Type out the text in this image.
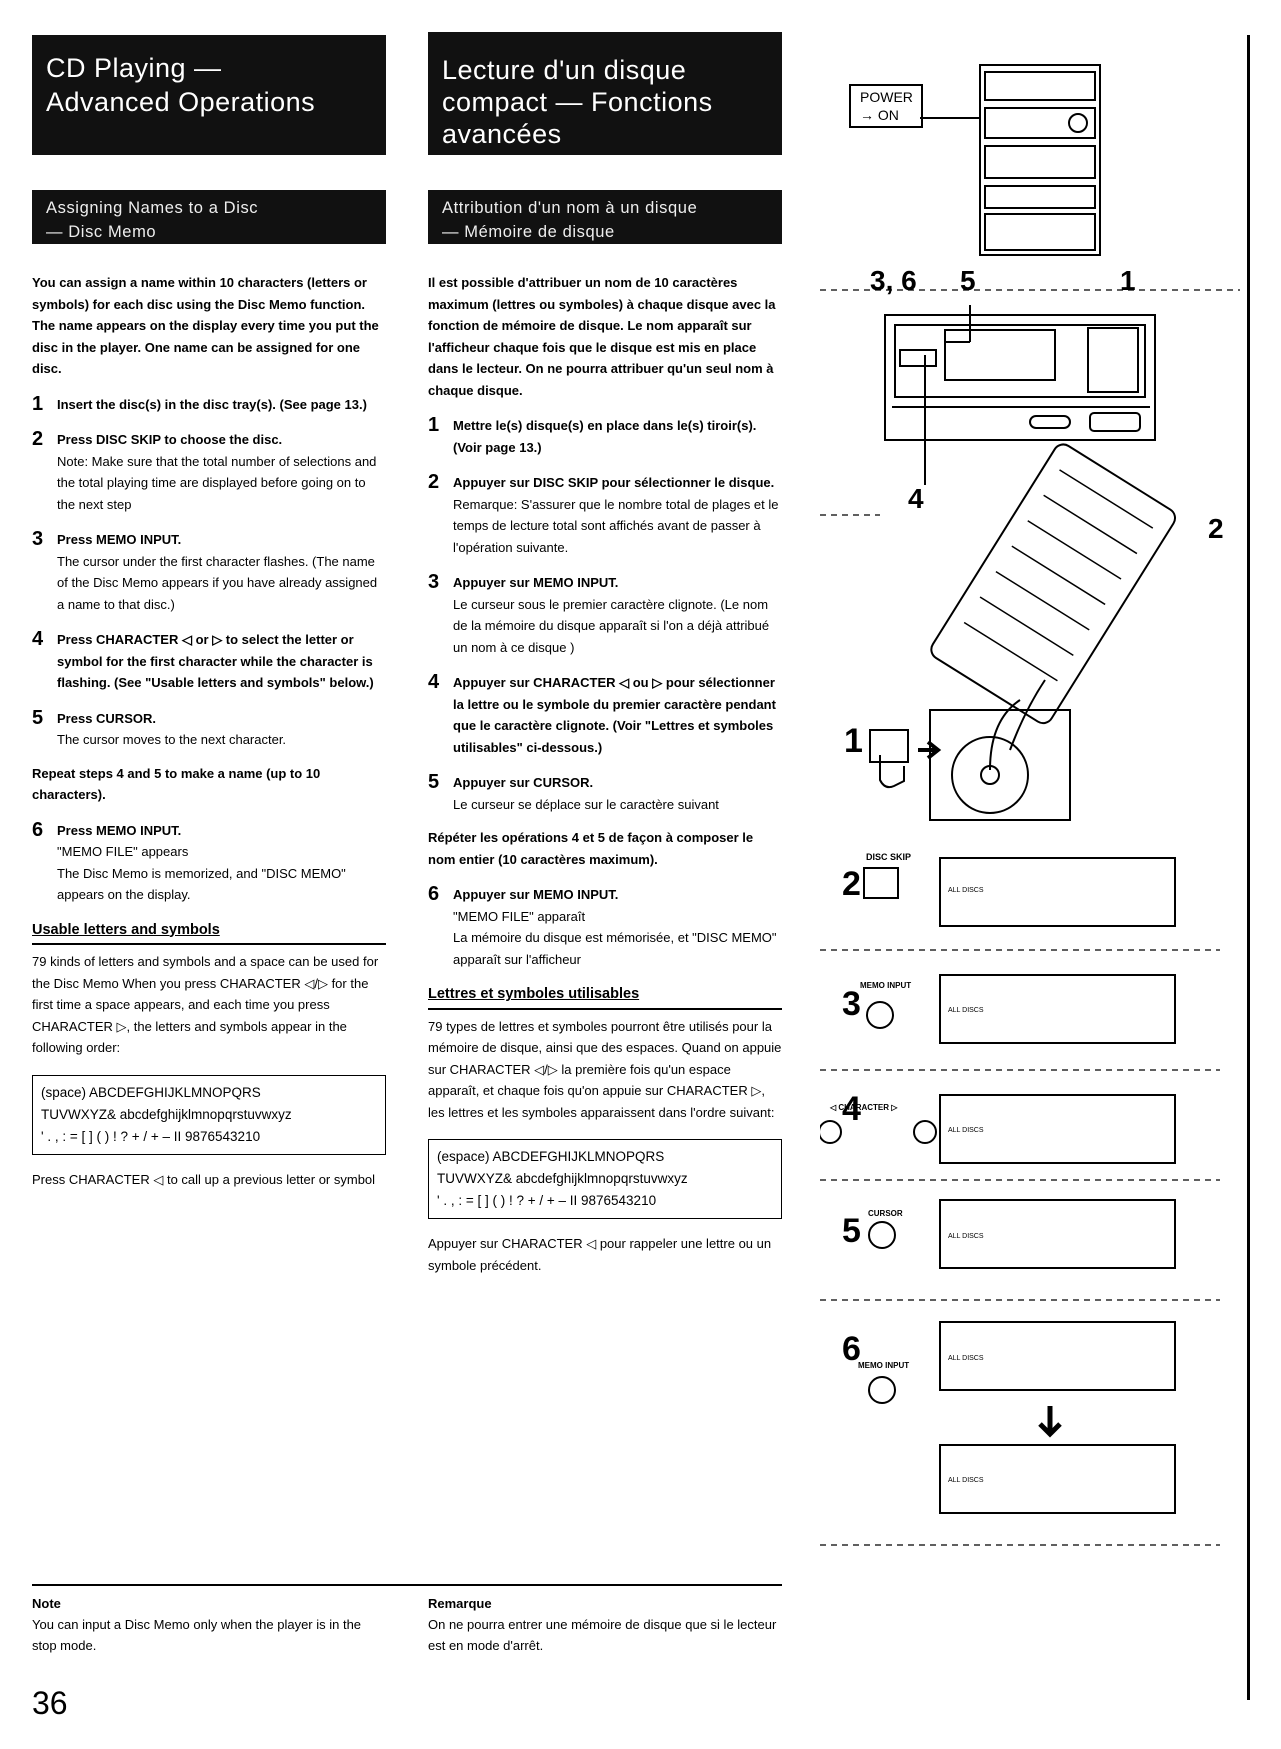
CD Playing —
Advanced Operations
Assigning Names to a Disc
— Disc Memo
You can assign a name within 10 characters (letters or symbols) for each disc using the Disc Memo function. The name appears on the display every time you put the disc in the player. One name can be assigned for one disc.
1	Insert the disc(s) in the disc tray(s). (See page 13.)
2	Press DISC SKIP to choose the disc.
Note: Make sure that the total number of selections and the total playing time are displayed before going on to the next step
3	Press MEMO INPUT.
The cursor under the first character flashes. (The name of the Disc Memo appears if you have already assigned a name to that disc.)
4	Press CHARACTER ◁ or ▷ to select the letter or symbol for the first character while the character is flashing. (See "Usable letters and symbols" below.)
5	Press CURSOR.
The cursor moves to the next character.
Repeat steps 4 and 5 to make a name (up to 10 characters).
6	Press MEMO INPUT.
"MEMO FILE" appears
The Disc Memo is memorized, and "DISC MEMO" appears on the display.
Usable letters and symbols
79 kinds of letters and symbols and a space can be used for the Disc Memo When you press CHARACTER ◁/▷ for the first time a space appears, and each time you press CHARACTER ▷, the letters and symbols appear in the following order:
(space) ABCDEFGHIJKLMNOPQRS
TUVWXYZ& abcdefghijklmnopqrstuvwxyz
' . , : = [ ] ( ) ! ? + / + – II 9876543210
Press CHARACTER ◁ to call up a previous letter or symbol
Lecture d'un disque
compact — Fonctions
avancées
Attribution d'un nom à un disque
— Mémoire de disque
Il est possible d'attribuer un nom de 10 caractères maximum (lettres ou symboles) à chaque disque avec la fonction de mémoire de disque. Le nom apparaît sur l'afficheur chaque fois que le disque est mis en place dans le lecteur. On ne pourra attribuer qu'un seul nom à chaque disque.
1	Mettre le(s) disque(s) en place dans le(s) tiroir(s). (Voir page 13.)
2	Appuyer sur DISC SKIP pour sélectionner le disque.
Remarque: S'assurer que le nombre total de plages et le temps de lecture total sont affichés avant de passer à l'opération suivante.
3	Appuyer sur MEMO INPUT.
Le curseur sous le premier caractère clignote. (Le nom de la mémoire du disque apparaît si l'on a déjà attribué un nom à ce disque )
4	Appuyer sur CHARACTER ◁ ou ▷ pour sélectionner la lettre ou le symbole du premier caractère pendant que le caractère clignote. (Voir "Lettres et symboles utilisables" ci-dessous.)
5	Appuyer sur CURSOR.
Le curseur se déplace sur le caractère suivant
Répéter les opérations 4 et 5 de façon à composer le nom entier (10 caractères maximum).
6	Appuyer sur MEMO INPUT.
"MEMO FILE" apparaît
La mémoire du disque est mémorisée, et "DISC MEMO" apparaît sur l'afficheur
Lettres et symboles utilisables
79 types de lettres et symboles pourront être utilisés pour la mémoire de disque, ainsi que des espaces. Quand on appuie sur CHARACTER ◁/▷ la première fois qu'un espace apparaît, et chaque fois qu'on appuie sur CHARACTER ▷, les lettres et les symboles apparaissent dans l'ordre suivant:
(espace) ABCDEFGHIJKLMNOPQRS
TUVWXYZ& abcdefghijklmnopqrstuvwxyz
' . , : = [ ] ( ) ! ? + / + – II 9876543210
Appuyer sur CHARACTER ◁ pour rappeler une lettre ou un symbole précédent.
Note
You can input a Disc Memo only when the player is in the stop mode.
Remarque
On ne pourra entrer une mémoire de disque que si le lecteur est en mode d'arrêt.
36
POWER
→ ON
3, 6 5	1
4
2
1
2
3
4
5
6
DISC SKIP
MEMO INPUT
◁ CHARACTER ▷
CURSOR
MEMO INPUT
ALL DISCS
ALL DISCS
ALL DISCS
ALL DISCS
ALL DISCS
ALL DISCS
